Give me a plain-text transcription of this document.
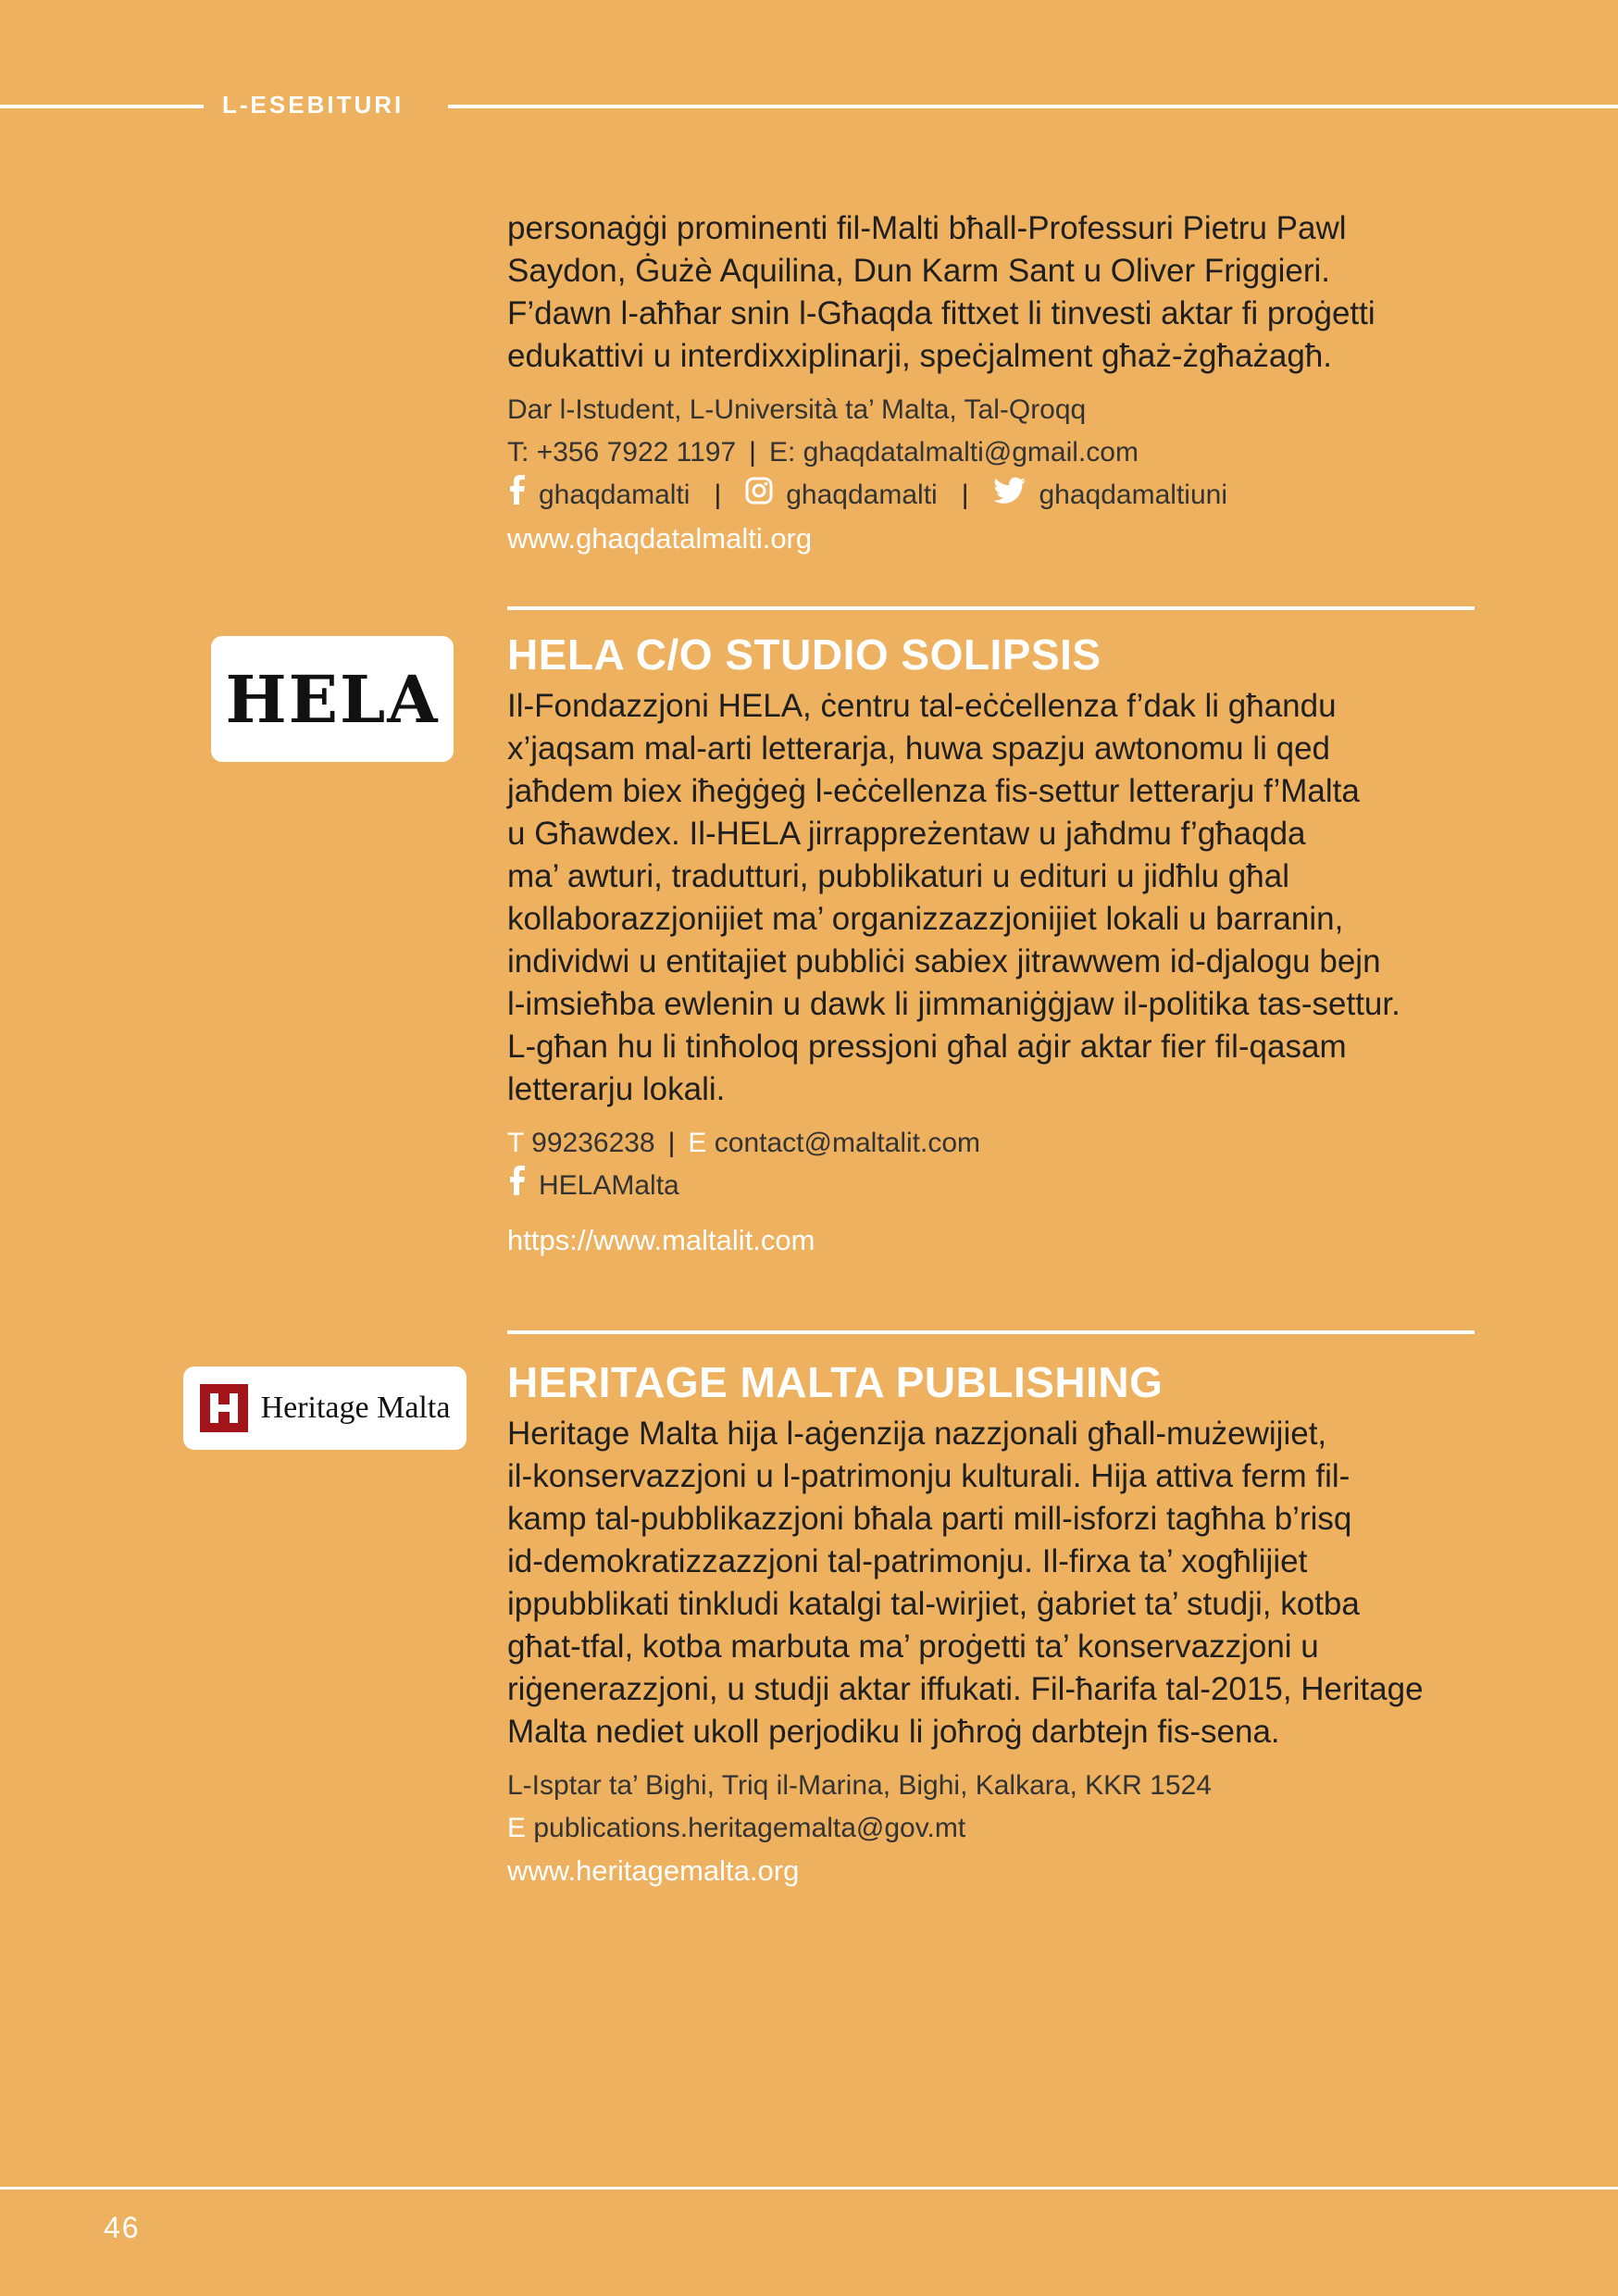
L-ESEBITURI

personaġġi prominenti fil-Malti bħall-Professuri Pietru Pawl
Saydon, Ġużè Aquilina, Dun Karm Sant u Oliver Friggieri.
F’dawn l-aħħar snin l-Għaqda fittxet li tinvesti aktar fi proġetti
edukattivi u interdixxiplinarji, speċjalment għaż-żgħażagħ.

Dar l-Istudent, L-Università ta’ Malta, Tal-Qroqq

T: +356 7922 1197 | E: ghaqdatalmalti@gmail.com

ghaqdamalti | ghaqdamalti |	ghaqdamaltiuni

www.ghaqdatalmalti.org

HELA

HELA C/O STUDIO SOLIPSIS

Il-Fondazzjoni HELA, ċentru tal-eċċellenza f’dak li għandu
x’jaqsam mal-arti letterarja, huwa spazju awtonomu li qed
jaħdem biex iħeġġeġ l-eċċellenza fis-settur letterarju f’Malta
u Għawdex. Il-HELA jirrappreżentaw u jaħdmu f’għaqda
ma’ awturi, tradutturi, pubblikaturi u edituri u jidħlu għal
kollaborazzjonijiet ma’ organizzazzjonijiet lokali u barranin,
individwi u entitajiet pubbliċi sabiex jitrawwem id-djalogu bejn
l-imsieħba ewlenin u dawk li jimmaniġġjaw il-politika tas-settur.
L-għan hu li tinħoloq pressjoni għal aġir aktar fier fil-qasam
letterarju lokali.

T 99236238 | E contact@maltalit.com

HELAMalta

https://www.maltalit.com

Heritage Malta

HERITAGE MALTA PUBLISHING

Heritage Malta hija l-aġenzija nazzjonali għall-mużewijiet,
il-konservazzjoni u l-patrimonju kulturali. Hija attiva ferm fil-
kamp tal-pubblikazzjoni bħala parti mill-isforzi tagħha b’risq
id-demokratizzazzjoni tal-patrimonju. Il-firxa ta’ xogħlijiet
ippubblikati tinkludi katalgi tal-wirjiet, ġabriet ta’ studji, kotba
għat-tfal, kotba marbuta ma’ proġetti ta’ konservazzjoni u
riġenerazzjoni, u studji aktar iffukati. Fil-ħarifa tal-2015, Heritage
Malta nediet ukoll perjodiku li joħroġ darbtejn fis-sena.

L-Isptar ta’ Bighi, Triq il-Marina, Bighi, Kalkara, KKR 1524

E publications.heritagemalta@gov.mt

www.heritagemalta.org

46
